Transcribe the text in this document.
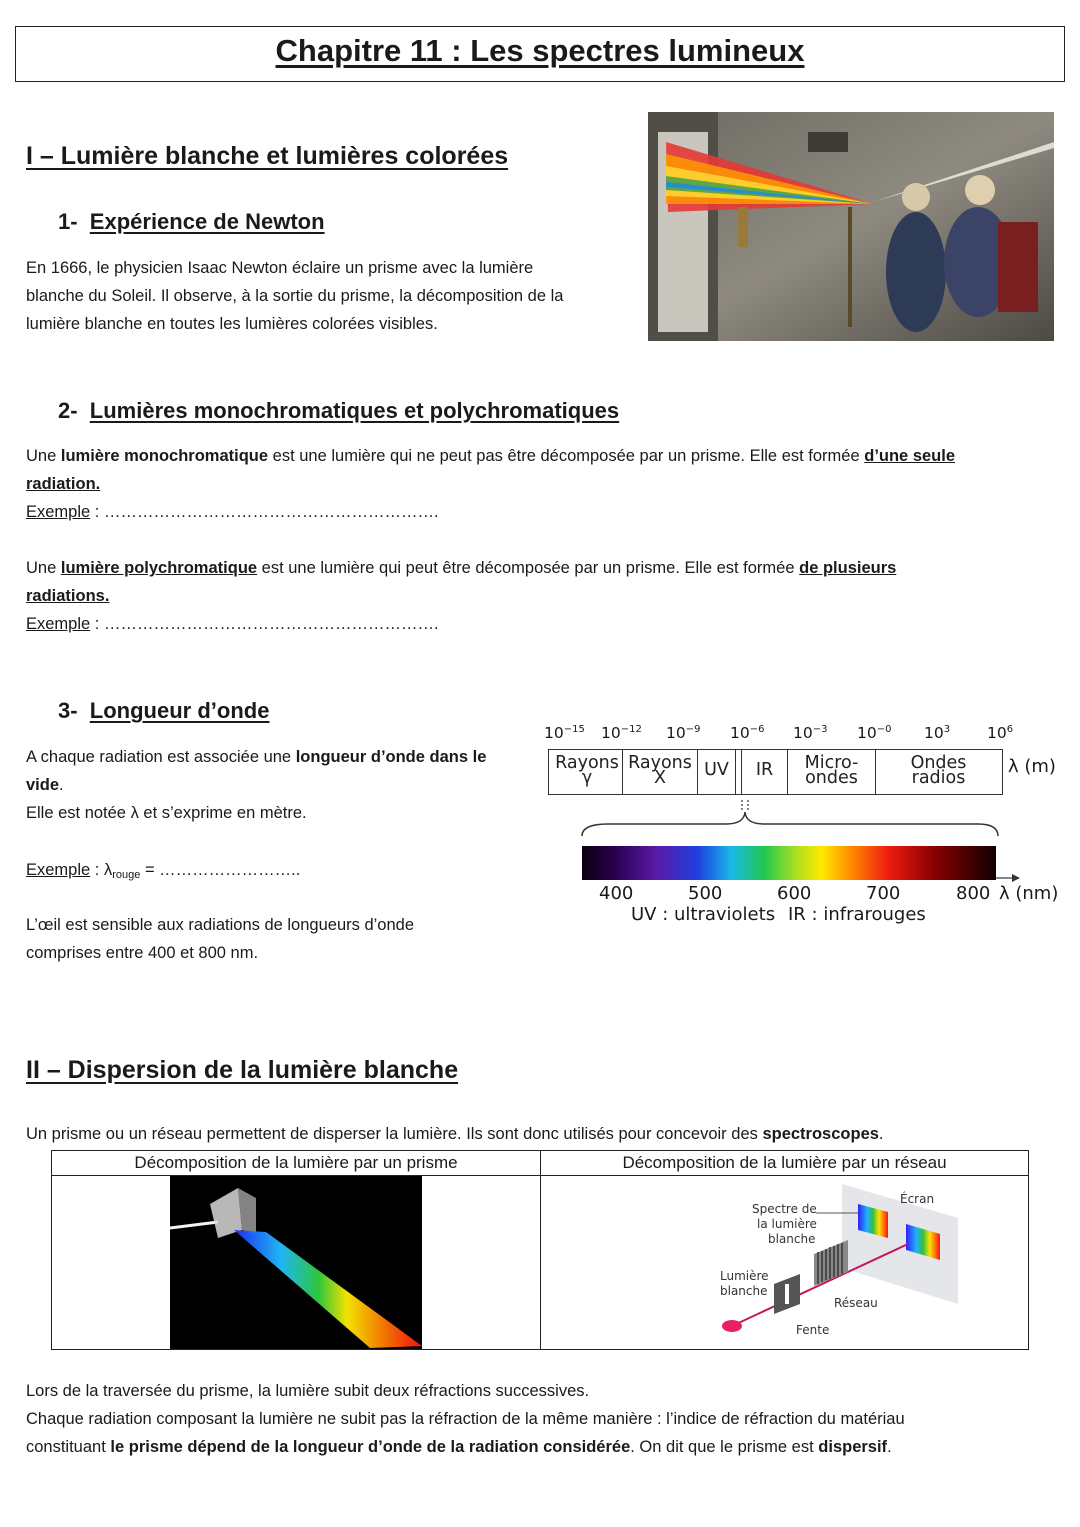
Chapitre 11 : Les spectres lumineux
I – Lumière blanche et lumières colorées
1- Expérience de Newton
En 1666, le physicien Isaac Newton éclaire un prisme avec la lumière
blanche du Soleil. Il observe, à la sortie du prisme, la décomposition de la
lumière blanche en toutes les lumières colorées visibles.
2- Lumières monochromatiques et polychromatiques
Une lumière monochromatique est une lumière qui ne peut pas être décomposée par un prisme. Elle est formée d’une seule
radiation.
Exemple : …………………………………………………….
Une lumière polychromatique est une lumière qui peut être décomposée par un prisme. Elle est formée de plusieurs
radiations.
Exemple : …………………………………………………….
3- Longueur d’onde
A chaque radiation est associée une longueur d’onde dans le
vide.
Elle est notée λ et s’exprime en mètre.
Exemple : λrouge = ……………………..
L’œil est sensible aux radiations de longueurs d’onde
comprises entre 400 et 800 nm.
$10^{-15}$ $10^{-12}$ $10^{-9}$ $10^{-6}$ $10^{-3}$ $10^{-0}$ $10^3$ $10^6$
Rayons
γ
Rayons
X	UV	IR	Micro-
ondes
Ondes
radios
λ (m)
400	500	600	700	800 λ (nm)
UV : ultraviolets IR : infrarouges
II – Dispersion de la lumière blanche
Un prisme ou un réseau permettent de disperser la lumière. Ils sont donc utilisés pour concevoir des spectroscopes.
Décomposition de la lumière par un prisme	Décomposition de la lumière par un réseau
Spectre de
la lumière
blanche
Écran
Lumière
blanche
Réseau
Fente
Lors de la traversée du prisme, la lumière subit deux réfractions successives.
Chaque radiation composant la lumière ne subit pas la réfraction de la même manière : l’indice de réfraction du matériau
constituant le prisme dépend de la longueur d’onde de la radiation considérée. On dit que le prisme est dispersif.
